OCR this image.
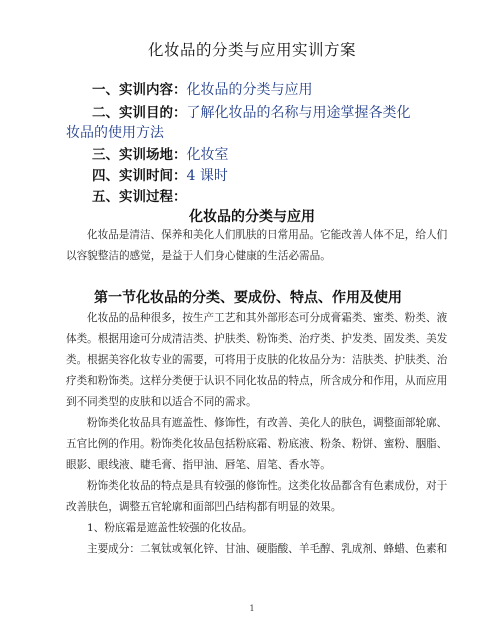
化妆品的分类与应用实训方案
一、实训内容：化妆品的分类与应用
二、实训目的：了解化妆品的名称与用途掌握各类化
妆品的使用方法
三、实训场地：化妆室
四、实训时间：4 课时
五、实训过程：
化妆品的分类与应用
化妆品是清洁、保养和美化人们肌肤的日常用品。它能改善人体不足，给人们
以容貌整洁的感觉，是益于人们身心健康的生活必需品。
第一节化妆品的分类、要成份、特点、作用及使用
化妆品的品种很多，按生产工艺和其外部形态可分成膏霜类、蜜类、粉类、液
体类。根据用途可分成清洁类、护肤类、粉饰类、治疗类、护发类、固发类、美发
类。根据美容化妆专业的需要，可将用于皮肤的化妆品分为：洁肤类、护肤类、治
疗类和粉饰类。这样分类便于认识不同化妆品的特点，所含成分和作用，从而应用
到不同类型的皮肤和以适合不同的需求。
粉饰类化妆品具有遮盖性、修饰性，有改善、美化人的肤色，调整面部轮廓、
五官比例的作用。粉饰类化妆品包括粉底霜、粉底液、粉条、粉饼、蜜粉、胭脂、
眼影、眼线液、睫毛膏、指甲油、唇笔、眉笔、香水等。
粉饰类化妆品的特点是具有较强的修饰性。这类化妆品都含有色素成份，对于
改善肤色，调整五官轮廓和面部凹凸结构都有明显的效果。
1、粉底霜是遮盖性较强的化妆品。
主要成分：二氧钛或氧化锌、甘油、硬脂酸、羊毛醇、乳成剂、蜂蜡、色素和
1
